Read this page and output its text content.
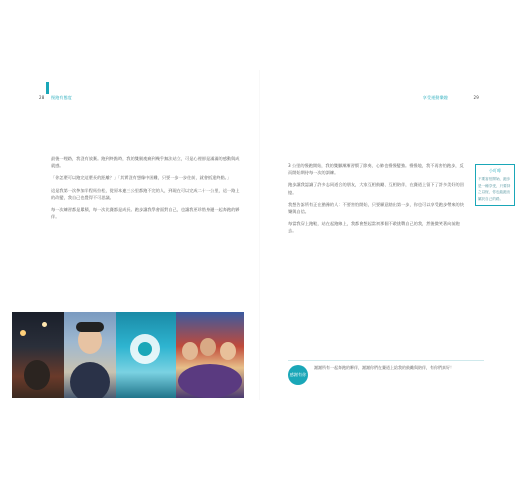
28 慢跑有態度	享受運動樂趣	29

最後一哩路，我沒有放棄。跑到終點時，我的雙腿痠痛到幾乎無法站立，可是心裡卻是滿滿的感動與成就感。

「你怎麼可以跑完這麼長的距離？」「其實沒有想像中困難，只要一步一步往前，就會抵達終點。」

這是我第一次參加半程馬拉松，從原本連三公里都跑不完的人，到現在可以完成二十一公里，這一路上的改變，我自己也覺得不可思議。

每一次練習都是累積，每一次比賽都是成長。跑步讓我學會面對自己，也讓我更珍惜身邊一起奔跑的夥伴。

3 公里的慢跑開始，我的雙腳漸漸習慣了節奏，心肺也慢慢變強。慢慢地，我不再害怕跑步，反而開始期待每一次的訓練。

跑步讓我認識了許多志同道合的朋友，大家互相鼓勵、互相陪伴，在賽道上留下了許多美好的回憶。

我想告訴所有正在猶豫的人：不要害怕開始，只要願意踏出第一步，你也可以享受跑步帶來的快樂與自信。

每當我穿上跑鞋，站在起跑線上，我都會想起當初那個不敢挑戰自己的我，然後微笑著向前跑去。

小叮嚀
不要害怕開始，跑步是一種享受，只要持之以恆，你也能跑出屬於自己的路。
感謝有你
謝謝所有一起奔跑的夥伴，謝謝你們在賽道上給我的鼓勵與陪伴，有你們真好！
